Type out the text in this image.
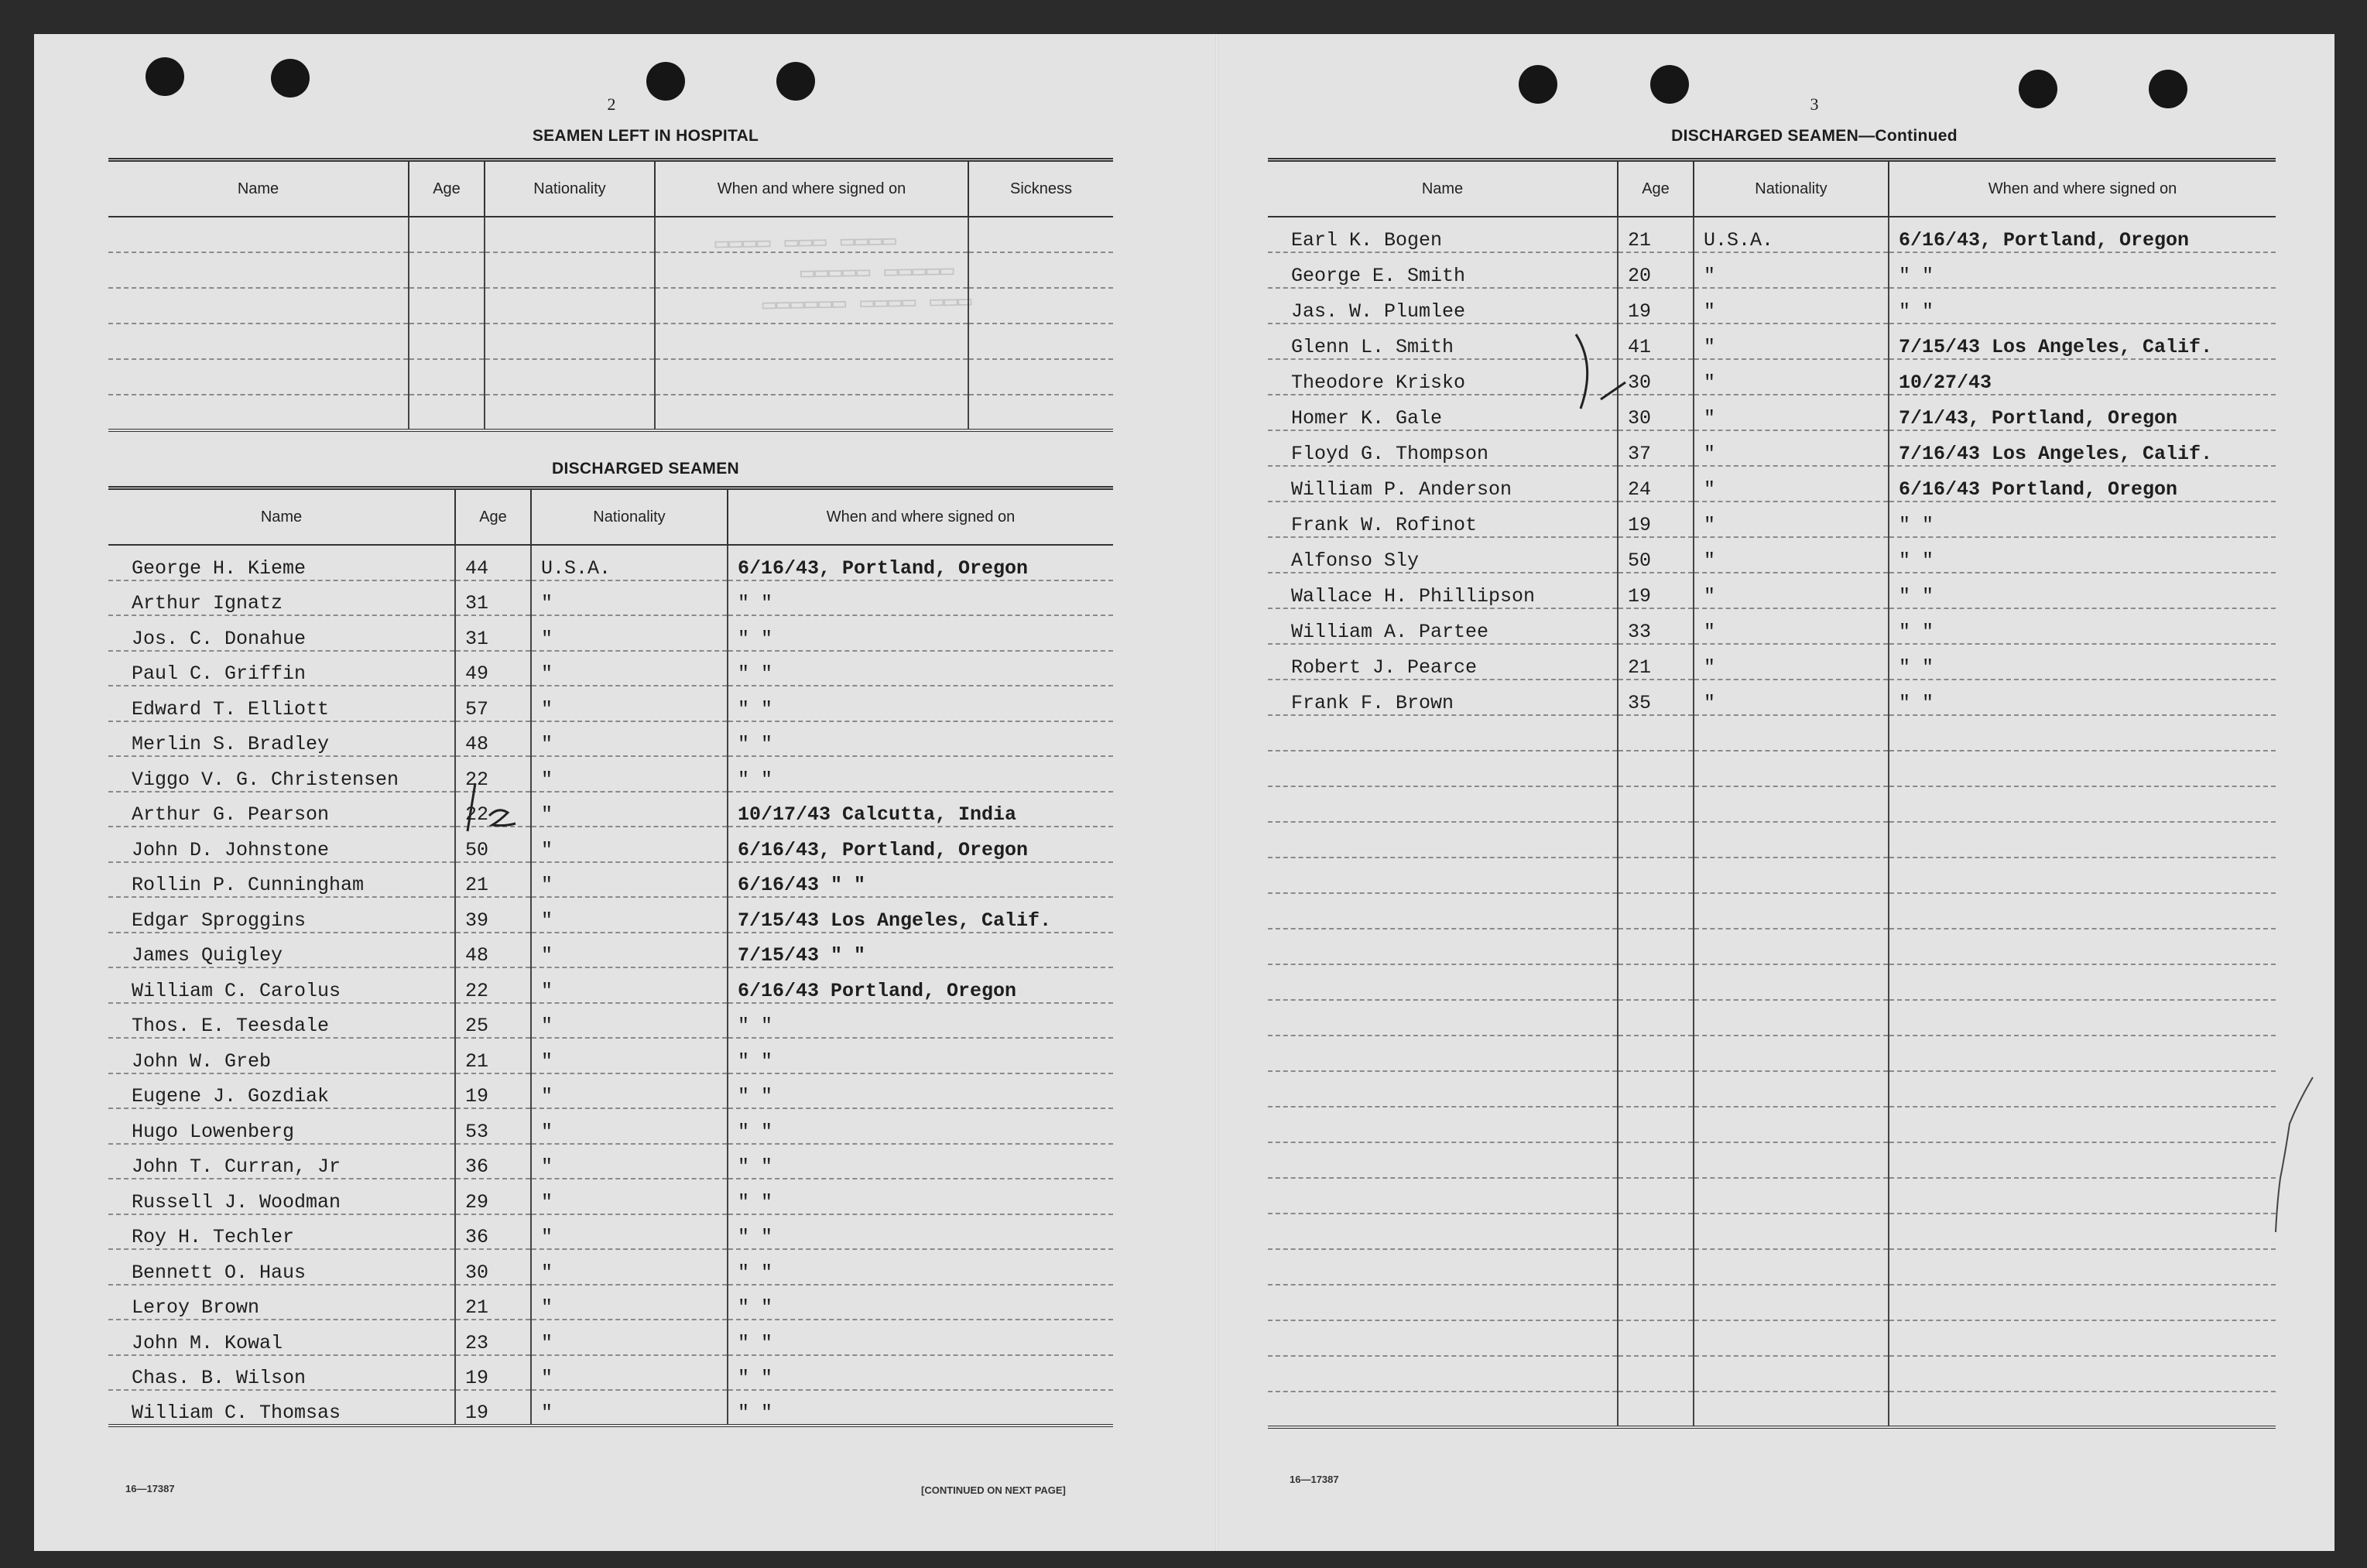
▭▭▭▭ ▭▭▭ ▭▭▭▭
▭▭▭▭▭ ▭▭▭▭▭
▭▭▭▭▭▭ ▭▭▭▭ ▭▭▭
2
SEAMEN LEFT IN HOSPITAL
Name	Age	Nationality	When and where signed on	Sickness

DISCHARGED SEAMEN
Name	Age	Nationality	When and where signed on
George H. Kieme	44	U.S.A.	6/16/43, Portland, Oregon
Arthur Ignatz	31	"	" "
Jos. C. Donahue	31	"	" "
Paul C. Griffin	49	"	" "
Edward T. Elliott	57	"	" "
Merlin S. Bradley	48	"	" "
Viggo V. G. Christensen	22	"	" "
Arthur G. Pearson	22	"	10/17/43 Calcutta, India
John D. Johnstone	50	"	6/16/43, Portland, Oregon
Rollin P. Cunningham	21	"	6/16/43 " "
Edgar Sproggins	39	"	7/15/43 Los Angeles, Calif.
James Quigley	48	"	7/15/43 " "
William C. Carolus	22	"	6/16/43 Portland, Oregon
Thos. E. Teesdale	25	"	" "
John W. Greb	21	"	" "
Eugene J. Gozdiak	19	"	" "
Hugo Lowenberg	53	"	" "
John T. Curran, Jr	36	"	" "
Russell J. Woodman	29	"	" "
Roy H. Techler	36	"	" "
Bennett O. Haus	30	"	" "
Leroy Brown	21	"	" "
John M. Kowal	23	"	" "
Chas. B. Wilson	19	"	" "
William C. Thomsas	19	"	" "
16—17387	[CONTINUED ON NEXT PAGE]
3
DISCHARGED SEAMEN—Continued
Name	Age	Nationality	When and where signed on
Earl K. Bogen	21	U.S.A.	6/16/43, Portland, Oregon
George E. Smith	20	"	" "
Jas. W. Plumlee	19	"	" "
Glenn L. Smith	41	"	7/15/43 Los Angeles, Calif.
Theodore Krisko	30	"	10/27/43
Homer K. Gale	30	"	7/1/43, Portland, Oregon
Floyd G. Thompson	37	"	7/16/43 Los Angeles, Calif.
William P. Anderson	24	"	6/16/43 Portland, Oregon
Frank W. Rofinot	19	"	" "
Alfonso Sly	50	"	" "
Wallace H. Phillipson	19	"	" "
William A. Partee	33	"	" "
Robert J. Pearce	21	"	" "
Frank F. Brown	35	"	" "

16—17387
